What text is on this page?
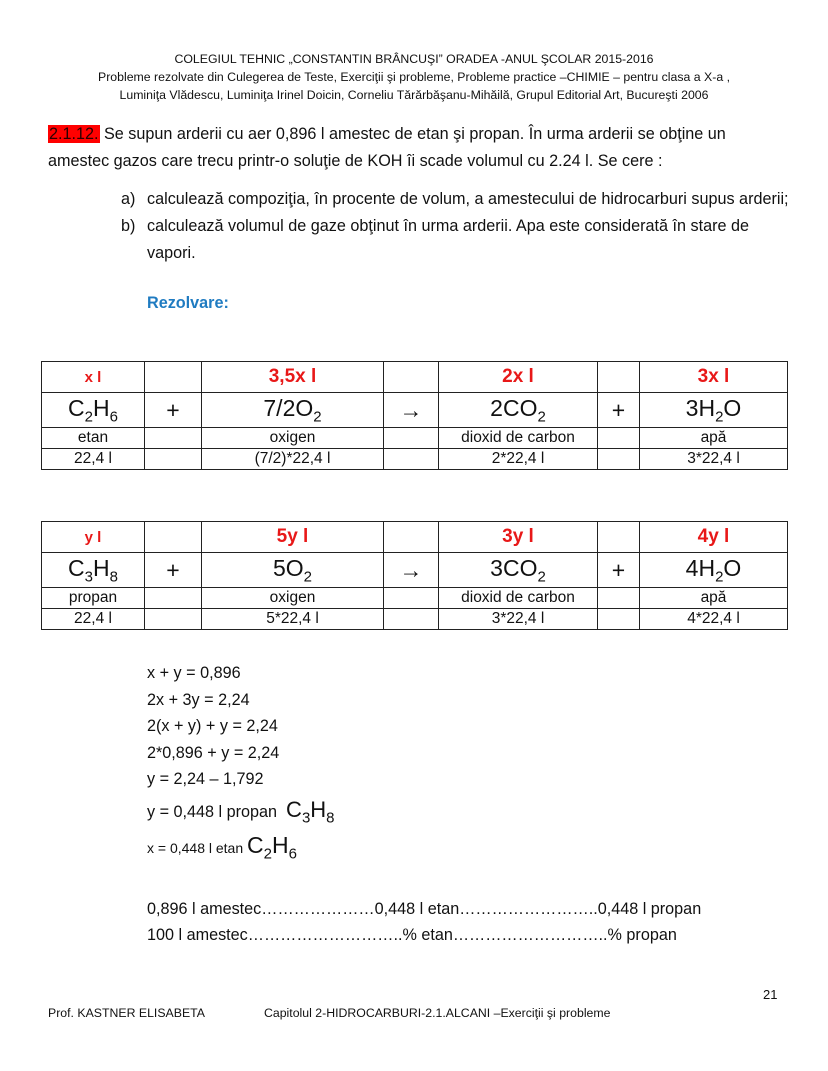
COLEGIUL TEHNIC „CONSTANTIN BRÂNCUŞI” ORADEA -ANUL ŞCOLAR 2015-2016
Probleme rezolvate din Culegerea de Teste, Exerciţii şi probleme, Probleme practice –CHIMIE – pentru clasa a X-a ,
Luminiţa Vlădescu, Luminiţa Irinel Doicin, Corneliu Tărărbăşanu-Mihăilă, Grupul Editorial Art, Bucureşti 2006
2.1.12. Se supun arderii cu aer 0,896 l amestec de etan şi propan. În urma arderii se obţine un
amestec gazos care trecu printr-o soluţie de KOH îi scade volumul cu 2.24 l. Se cere :
a) calculează compoziţia, în procente de volum, a amestecului de hidrocarburi supus arderii;
b) calculează volumul de gaze obţinut în urma arderii. Apa este considerată în stare de vapori.
Rezolvare:
x l		3,5x l		2x l		3x l
$C_2H_6$	+	$7/2O_2$	→	$2CO_2$	+	$3H_2O$
etan		oxigen		dioxid de carbon		apă
22,4 l		(7/2)*22,4 l		2*22,4 l		3*22,4 l
y l		5y l		3y l		4y l
$C_3H_8$	+	$5O_2$	→	$3CO_2$	+	$4H_2O$
propan		oxigen		dioxid de carbon		apă
22,4 l		5*22,4 l		3*22,4 l		4*22,4 l
x + y = 0,896
2x + 3y = 2,24
2(x + y) + y = 2,24
2*0,896 + y = 2,24
y = 2,24 – 1,792
y = 0,448 l propan  $C_3H_8$
x = 0,448 l etan $C_2H_6$
0,896 l amestec…………………0,448 l etan……………………..0,448 l propan
100 l amestec………………………..% etan………………………..% propan
21
Prof. KASTNER ELISABETA	Capitolul 2-HIDROCARBURI-2.1.ALCANI –Exerciţii şi probleme
